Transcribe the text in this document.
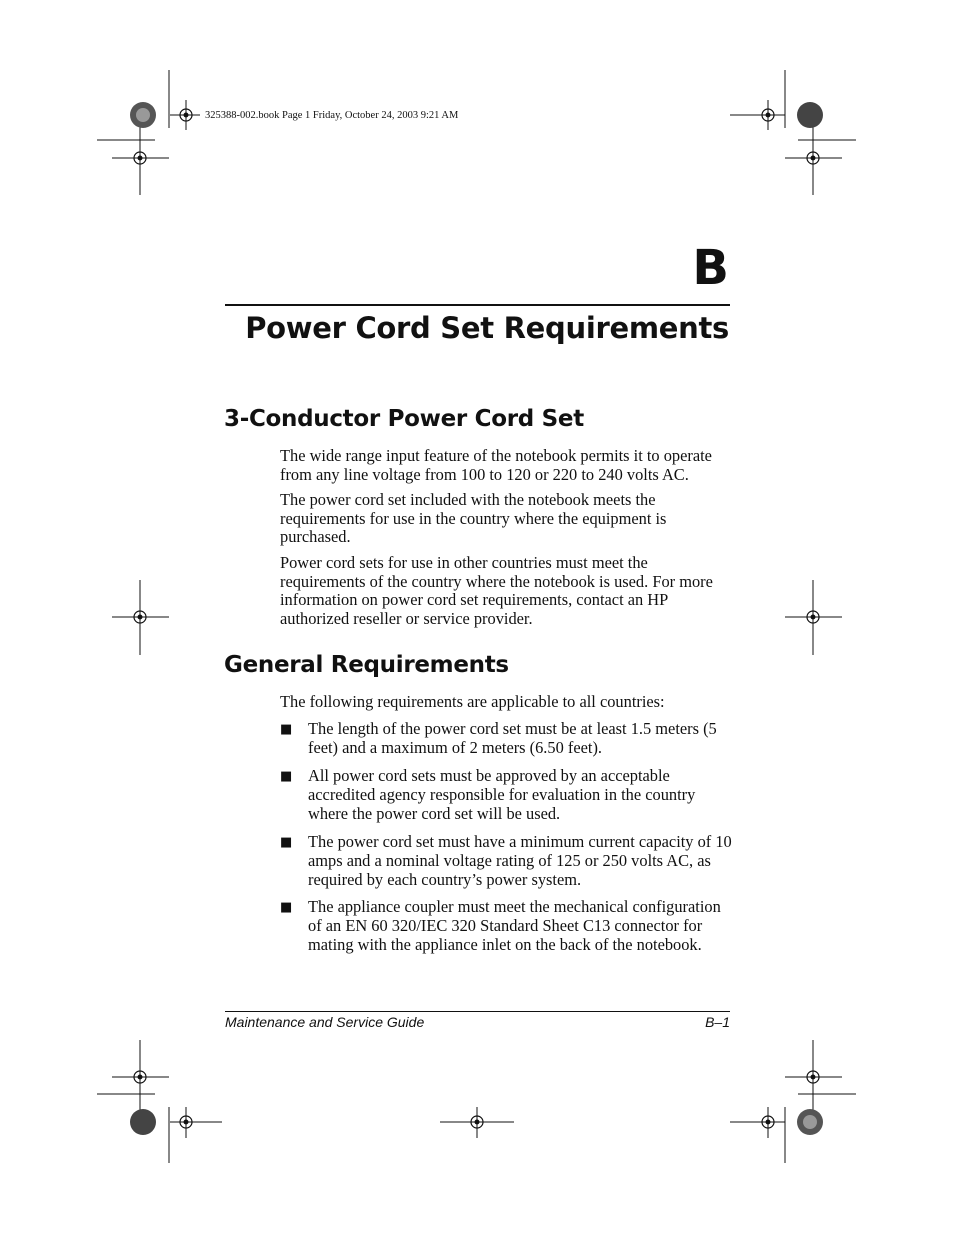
325388-002.book Page 1 Friday, October 24, 2003 9:21 AM
B
Power Cord Set Requirements
3-Conductor Power Cord Set

The wide range input feature of the notebook permits it to operate from any line voltage from 100 to 120 or 220 to 240 volts AC.

The power cord set included with the notebook meets the requirements for use in the country where the equipment is purchased.

Power cord sets for use in other countries must meet the requirements of the country where the notebook is used. For more information on power cord set requirements, contact an HP authorized reseller or service provider.

General Requirements

The following requirements are applicable to all countries:

■ The length of the power cord set must be at least 1.5 meters (5 feet) and a maximum of 2 meters (6.50 feet).
■ All power cord sets must be approved by an acceptable accredited agency responsible for evaluation in the country where the power cord set will be used.
■ The power cord set must have a minimum current capacity of 10 amps and a nominal voltage rating of 125 or 250 volts AC, as required by each country’s power system.
■ The appliance coupler must meet the mechanical configuration of an EN 60 320/IEC 320 Standard Sheet C13 connector for mating with the appliance inlet on the back of the notebook.
Maintenance and Service Guide	B–1
